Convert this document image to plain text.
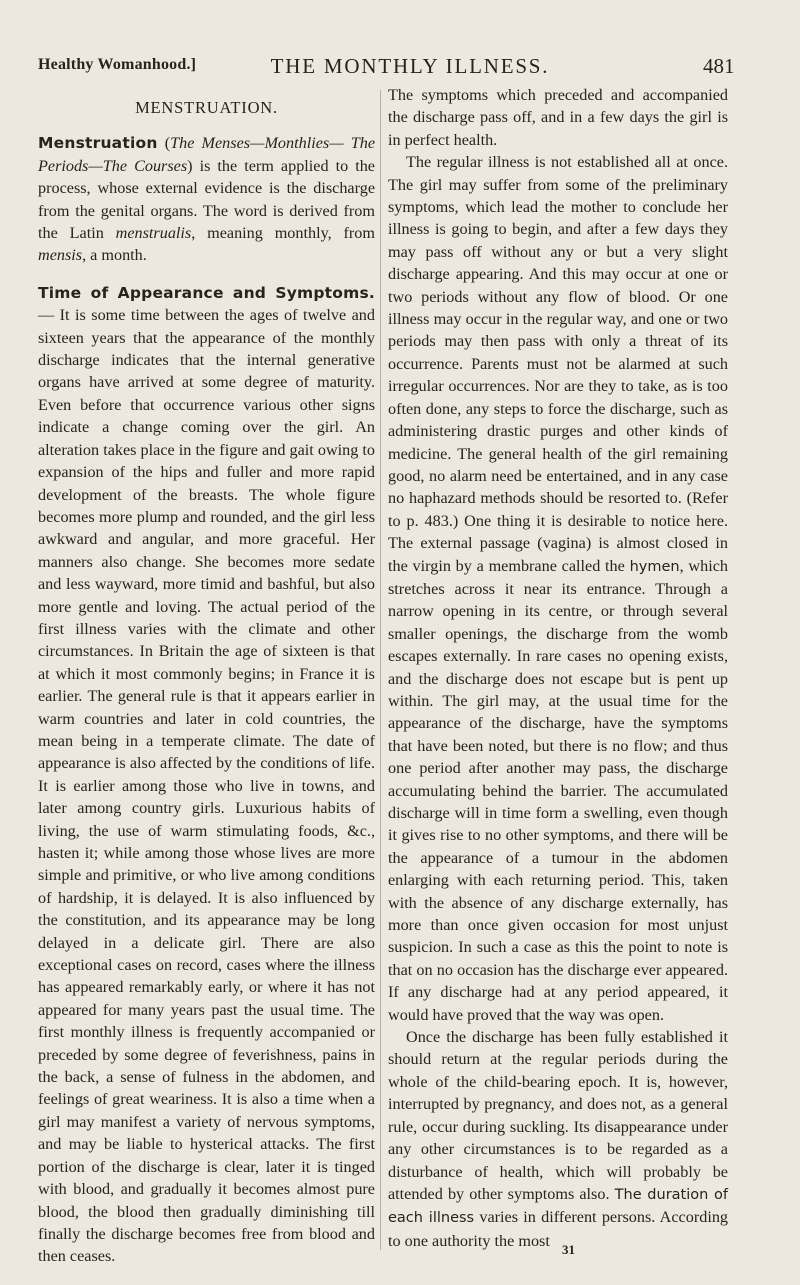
Healthy Womanhood.]	THE MONTHLY ILLNESS.	481
MENSTRUATION.

Menstruation (The Menses—Monthlies— The Periods—The Courses) is the term applied to the process, whose external evidence is the discharge from the genital organs. The word is derived from the Latin menstrualis, meaning monthly, from mensis, a month.

Time of Appearance and Symptoms.— It is some time between the ages of twelve and sixteen years that the appearance of the monthly discharge indicates that the internal generative organs have arrived at some degree of maturity. Even before that occurrence various other signs indicate a change coming over the girl. An alteration takes place in the figure and gait owing to expansion of the hips and fuller and more rapid development of the breasts. The whole figure becomes more plump and rounded, and the girl less awkward and angular, and more graceful. Her manners also change. She becomes more sedate and less wayward, more timid and bashful, but also more gentle and loving. The actual period of the first illness varies with the climate and other circumstances. In Britain the age of sixteen is that at which it most commonly begins; in France it is earlier. The general rule is that it appears earlier in warm countries and later in cold countries, the mean being in a temperate climate. The date of appearance is also affected by the conditions of life. It is earlier among those who live in towns, and later among country girls. Luxurious habits of living, the use of warm stimulating foods, &c., hasten it; while among those whose lives are more simple and primitive, or who live among conditions of hardship, it is delayed. It is also influenced by the constitution, and its appearance may be long delayed in a delicate girl. There are also exceptional cases on record, cases where the illness has appeared remarkably early, or where it has not appeared for many years past the usual time. The first monthly illness is frequently accompanied or preceded by some degree of feverishness, pains in the back, a sense of fulness in the abdomen, and feelings of great weariness. It is also a time when a girl may manifest a variety of nervous symptoms, and may be liable to hysterical attacks. The first portion of the discharge is clear, later it is tinged with blood, and gradually it becomes almost pure blood, the blood then gradually diminishing till finally the discharge becomes free from blood and then ceases.

The symptoms which preceded and accompanied the discharge pass off, and in a few days the girl is in perfect health.

The regular illness is not established all at once. The girl may suffer from some of the preliminary symptoms, which lead the mother to conclude her illness is going to begin, and after a few days they may pass off without any or but a very slight discharge appearing. And this may occur at one or two periods without any flow of blood. Or one illness may occur in the regular way, and one or two periods may then pass with only a threat of its occurrence. Parents must not be alarmed at such irregular occurrences. Nor are they to take, as is too often done, any steps to force the discharge, such as administering drastic purges and other kinds of medicine. The general health of the girl remaining good, no alarm need be entertained, and in any case no haphazard methods should be resorted to. (Refer to p. 483.) One thing it is desirable to notice here. The external passage (vagina) is almost closed in the virgin by a membrane called the hymen, which stretches across it near its entrance. Through a narrow opening in its centre, or through several smaller openings, the discharge from the womb escapes externally. In rare cases no opening exists, and the discharge does not escape but is pent up within. The girl may, at the usual time for the appearance of the discharge, have the symptoms that have been noted, but there is no flow; and thus one period after another may pass, the discharge accumulating behind the barrier. The accumulated discharge will in time form a swelling, even though it gives rise to no other symptoms, and there will be the appearance of a tumour in the abdomen enlarging with each returning period. This, taken with the absence of any discharge externally, has more than once given occasion for most unjust suspicion. In such a case as this the point to note is that on no occasion has the discharge ever appeared. If any discharge had at any period appeared, it would have proved that the way was open.

Once the discharge has been fully established it should return at the regular periods during the whole of the child-bearing epoch. It is, however, interrupted by pregnancy, and does not, as a general rule, occur during suckling. Its disappearance under any other circumstances is to be regarded as a disturbance of health, which will probably be attended by other symptoms also. The duration of each illness varies in different persons. According to one authority the most 31
